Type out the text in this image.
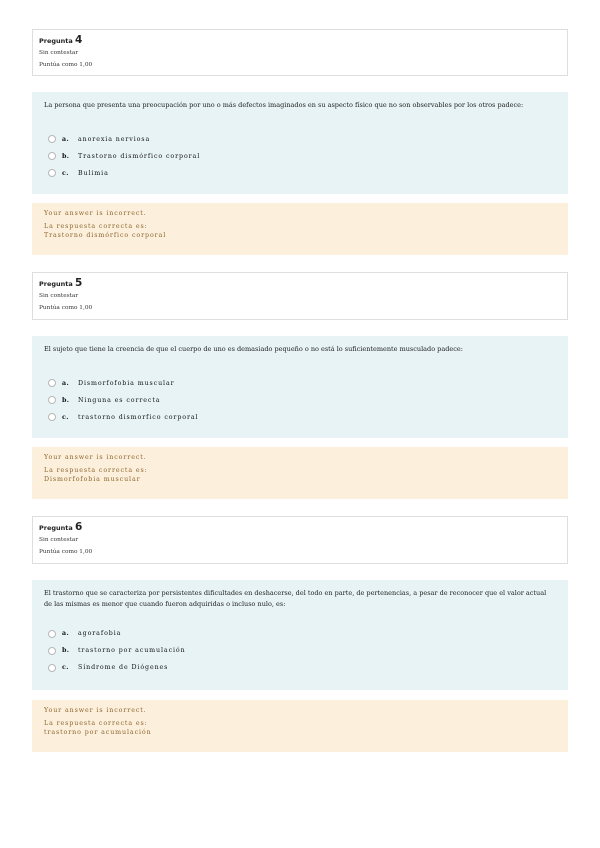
Pregunta 4
Sin contestar
Puntúa como 1,00

La persona que presenta una preocupación por uno o más defectos imaginados en su aspecto físico que no son observables por los otros padece:

a.	anorexia nerviosa
b.	Trastorno dismórfico corporal
c.	Bulimia
Your answer is incorrect.
La respuesta correcta es:
Trastorno dismórfico corporal
Pregunta 5
Sin contestar
Puntúa como 1,00

El sujeto que tiene la creencia de que el cuerpo de uno es demasiado pequeño o no está lo suficientemente musculado padece:

a.	Dismorfofobia muscular
b.	Ninguna es correcta
c.	trastorno dismorfico corporal
Your answer is incorrect.
La respuesta correcta es:
Dismorfofobia muscular
Pregunta 6
Sin contestar
Puntúa como 1,00

El trastorno que se caracteriza por persistentes dificultades en deshacerse, del todo en parte, de pertenencias, a pesar de reconocer que el valor actual de las mismas es menor que cuando fueron adquiridas o incluso nulo, es:

a.	agorafobia
b.	trastorno por acumulación
c.	Síndrome de Diógenes
Your answer is incorrect.
La respuesta correcta es:
trastorno por acumulación
